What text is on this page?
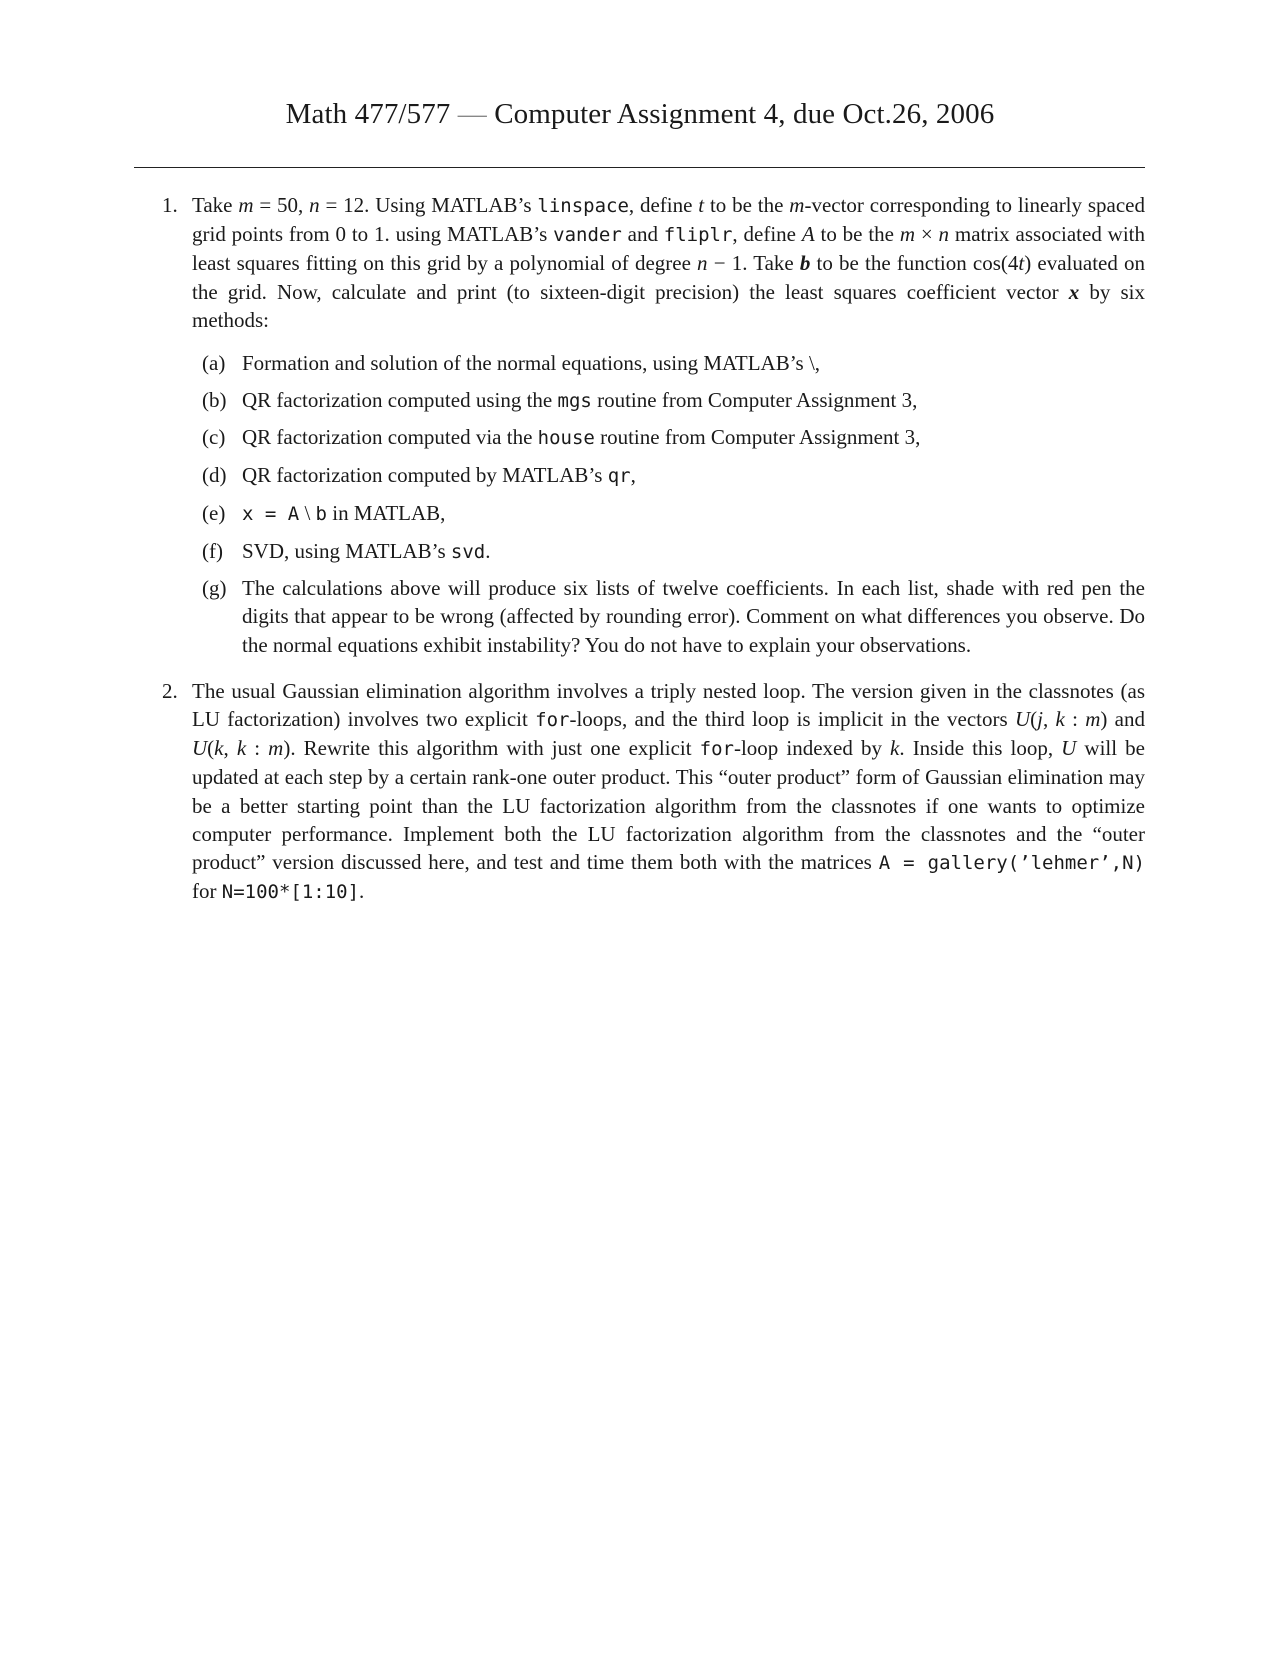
Math 477/577 — Computer Assignment 4, due Oct.26, 2006
1. Take m = 50, n = 12. Using MATLAB’s linspace, define t to be the m-vector corresponding to linearly spaced grid points from 0 to 1. using MATLAB’s vander and fliplr, define A to be the m × n matrix associated with least squares fitting on this grid by a polynomial of degree n − 1. Take b to be the function cos(4t) evaluated on the grid. Now, calculate and print (to sixteen-digit precision) the least squares coefficient vector x by six methods:
(a) Formation and solution of the normal equations, using MATLAB’s \,
(b) QR factorization computed using the mgs routine from Computer Assignment 3,
(c) QR factorization computed via the house routine from Computer Assignment 3,
(d) QR factorization computed by MATLAB’s qr,
(e) x = A \ b in MATLAB,
(f) SVD, using MATLAB’s svd.
(g) The calculations above will produce six lists of twelve coefficients. In each list, shade with red pen the digits that appear to be wrong (affected by rounding error). Comment on what differences you observe. Do the normal equations exhibit instability? You do not have to explain your observations.
2. The usual Gaussian elimination algorithm involves a triply nested loop. The version given in the classnotes (as LU factorization) involves two explicit for-loops, and the third loop is implicit in the vectors U(j, k : m) and U(k, k : m). Rewrite this algorithm with just one explicit for-loop indexed by k. Inside this loop, U will be updated at each step by a certain rank-one outer product. This “outer product” form of Gaussian elimination may be a better starting point than the LU factorization algorithm from the classnotes if one wants to optimize computer performance. Implement both the LU factorization algorithm from the classnotes and the “outer product” version discussed here, and test and time them both with the matrices A = gallery(’lehmer’,N) for N=100*[1:10].
